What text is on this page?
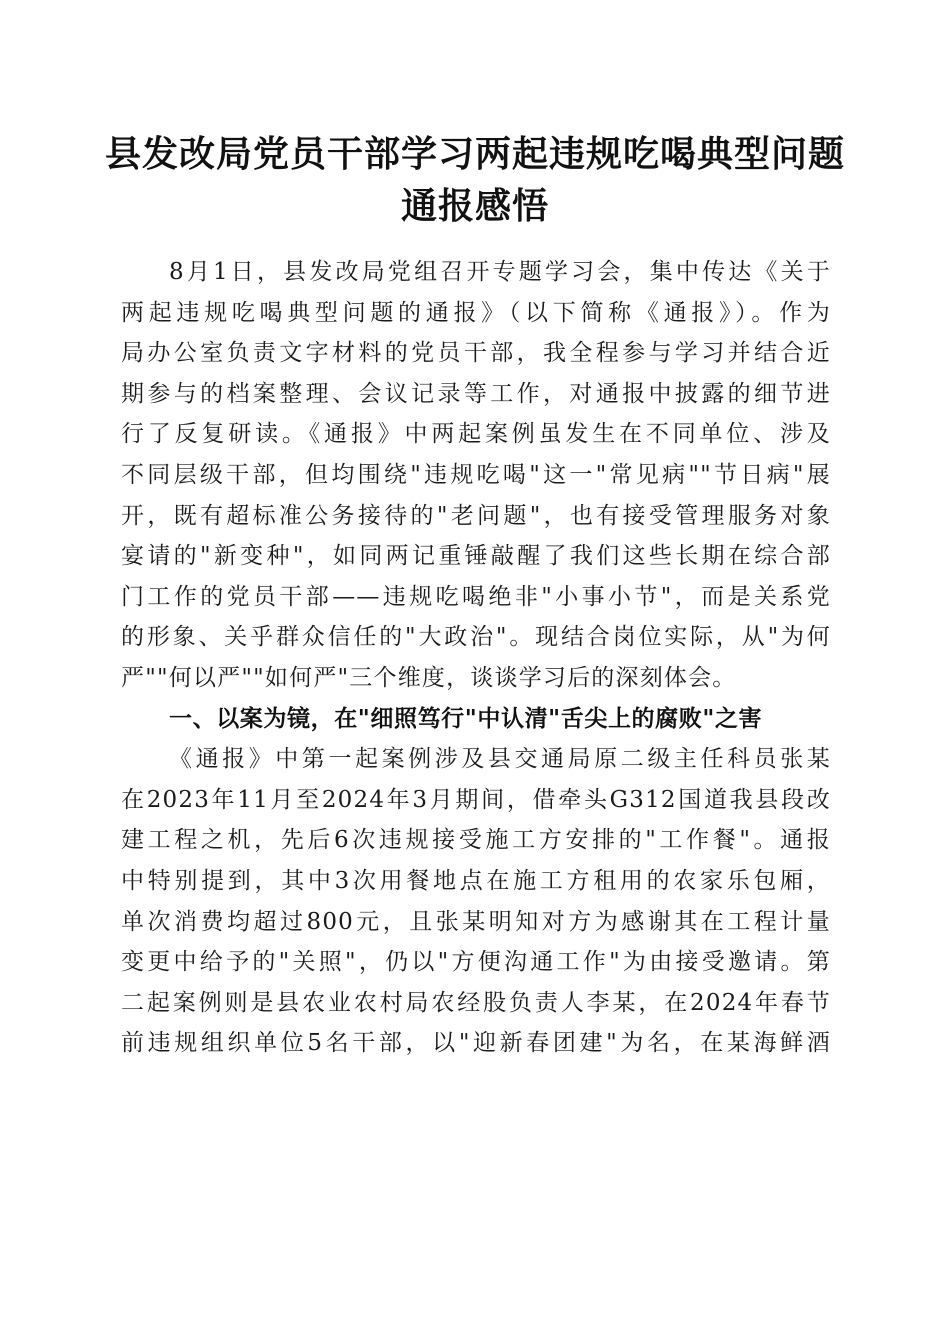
县发改局党员干部学习两起违规吃喝典型问题
通报感悟
8月1日，县发改局党组召开专题学习会，集中传达《关于
两起违规吃喝典型问题的通报》（以下简称《通报》）。作为
局办公室负责文字材料的党员干部，我全程参与学习并结合近
期参与的档案整理、会议记录等工作，对通报中披露的细节进
行了反复研读。《通报》中两起案例虽发生在不同单位、涉及
不同层级干部，但均围绕"违规吃喝"这一"常见病""节日病"展
开，既有超标准公务接待的"老问题"，也有接受管理服务对象
宴请的"新变种"，如同两记重锤敲醒了我们这些长期在综合部
门工作的党员干部——违规吃喝绝非"小事小节"，而是关系党
的形象、关乎群众信任的"大政治"。现结合岗位实际，从"为何
严""何以严""如何严"三个维度，谈谈学习后的深刻体会。
一、以案为镜，在"细照笃行"中认清"舌尖上的腐败"之害
《通报》中第一起案例涉及县交通局原二级主任科员张某
在2023年11月至2024年3月期间，借牵头G312国道我县段改
建工程之机，先后6次违规接受施工方安排的"工作餐"。通报
中特别提到，其中3次用餐地点在施工方租用的农家乐包厢，
单次消费均超过800元，且张某明知对方为感谢其在工程计量
变更中给予的"关照"，仍以"方便沟通工作"为由接受邀请。第
二起案例则是县农业农村局农经股负责人李某，在2024年春节
前违规组织单位5名干部，以"迎新春团建"为名，在某海鲜酒
